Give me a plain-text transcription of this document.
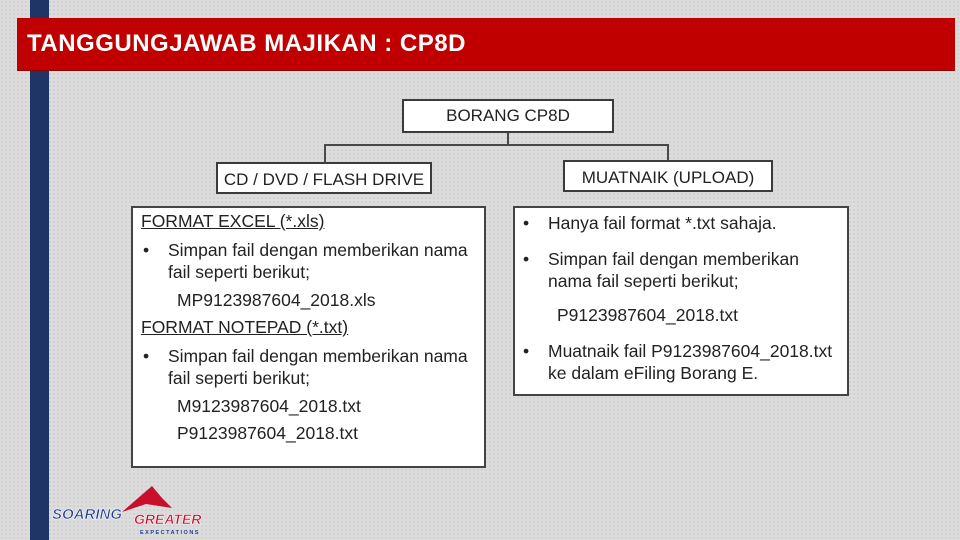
TANGGUNGJAWAB MAJIKAN : CP8D
BORANG CP8D
CD / DVD / FLASH DRIVE	MUATNAIK (UPLOAD)
FORMAT EXCEL (*.xls)
• Simpan fail dengan memberikan nama fail seperti berikut;
MP9123987604_2018.xls
FORMAT NOTEPAD (*.txt)
• Simpan fail dengan memberikan nama fail seperti berikut;
M9123987604_2018.txt
P9123987604_2018.txt
• Hanya fail format *.txt sahaja.
• Simpan fail dengan memberikan nama fail seperti berikut;
P9123987604_2018.txt
• Muatnaik fail P9123987604_2018.txt ke dalam eFiling Borang E.
SOARING GREATER
EXPECTATIONS
